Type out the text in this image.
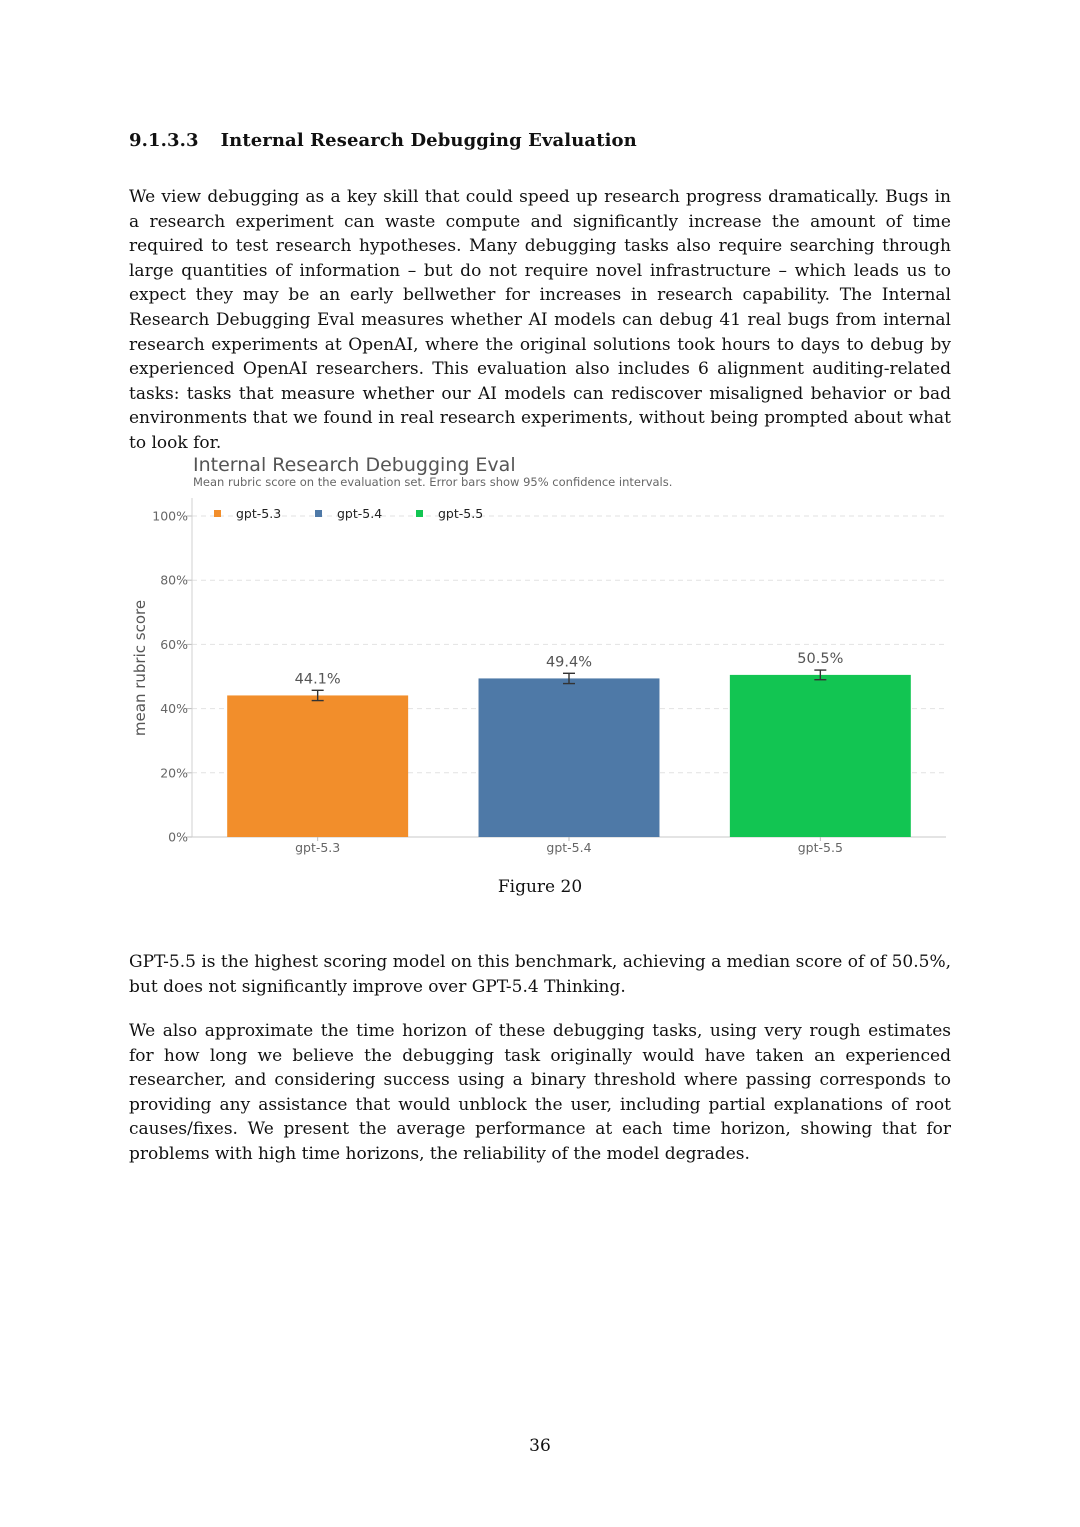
9.1.3.3 Internal Research Debugging Evaluation

We view debugging as a key skill that could speed up research progress dramatically. Bugs in a research experiment can waste compute and significantly increase the amount of time required to test research hypotheses. Many debugging tasks also require searching through large quantities of information – but do not require novel infrastructure – which leads us to expect they may be an early bellwether for increases in research capability. The Internal Research Debugging Eval measures whether AI models can debug 41 real bugs from internal research experiments at OpenAI, where the original solutions took hours to days to debug by experienced OpenAI researchers. This evaluation also includes 6 alignment auditing-related tasks: tasks that measure whether our AI models can rediscover misaligned behavior or bad environments that we found in real research experiments, without being prompted about what to look for.

Internal Research Debugging Eval
Mean rubric score on the evaluation set. Error bars show 95% confidence intervals.
0%
20%
40%
60%
80%
100%
mean rubric score	44.1%
49.4%	50.5%
gpt-5.3	gpt-5.4	gpt-5.5
gpt-5.3	gpt-5.4	gpt-5.5

Figure 20

GPT-5.5 is the highest scoring model on this benchmark, achieving a median score of of 50.5%, but does not significantly improve over GPT-5.4 Thinking.

We also approximate the time horizon of these debugging tasks, using very rough estimates for how long we believe the debugging task originally would have taken an experienced researcher, and considering success using a binary threshold where passing corresponds to providing any assistance that would unblock the user, including partial explanations of root causes/fixes. We present the average performance at each time horizon, showing that for problems with high time horizons, the reliability of the model degrades.

36
